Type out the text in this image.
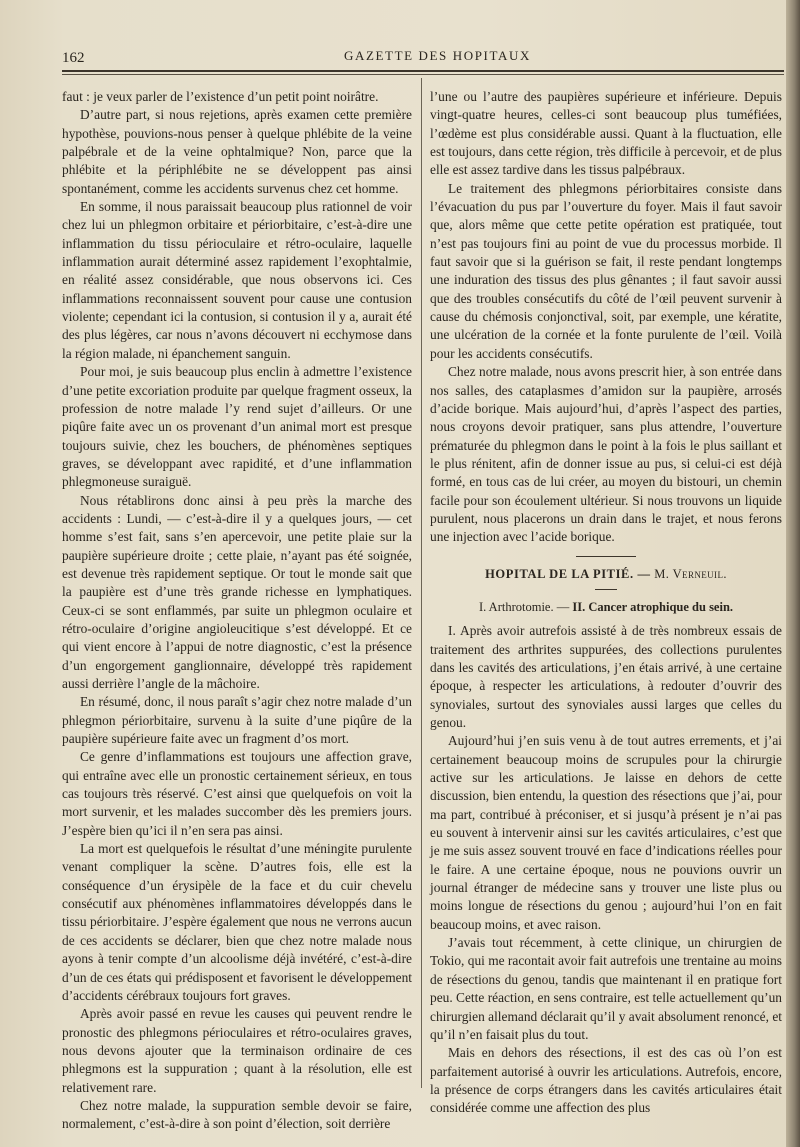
162	GAZETTE DES HOPITAUX

faut : je veux parler de l’existence d’un petit point noirâtre.

D’autre part, si nous rejetions, après examen cette première hypothèse, pouvions-nous penser à quelque phlébite de la veine palpébrale et de la veine ophtalmique? Non, parce que la phlébite et la périphlébite ne se développent pas ainsi spontanément, comme les accidents survenus chez cet homme.

En somme, il nous paraissait beaucoup plus rationnel de voir chez lui un phlegmon orbitaire et périorbitaire, c’est-à-dire une inflammation du tissu périoculaire et rétro-oculaire, laquelle inflammation aurait déterminé assez rapidement l’exophtalmie, en réalité assez considérable, que nous observons ici. Ces inflammations reconnaissent souvent pour cause une contusion violente; cependant ici la contusion, si contusion il y a, aurait été des plus légères, car nous n’avons découvert ni ecchymose dans la région malade, ni épanchement sanguin.

Pour moi, je suis beaucoup plus enclin à admettre l’existence d’une petite excoriation produite par quelque fragment osseux, la profession de notre malade l’y rend sujet d’ailleurs. Or une piqûre faite avec un os provenant d’un animal mort est presque toujours suivie, chez les bouchers, de phénomènes septiques graves, se développant avec rapidité, et d’une inflammation phlegmoneuse suraiguë.

Nous rétablirons donc ainsi à peu près la marche des accidents : Lundi, — c’est-à-dire il y a quelques jours, — cet homme s’est fait, sans s’en apercevoir, une petite plaie sur la paupière supérieure droite ; cette plaie, n’ayant pas été soignée, est devenue très rapidement septique. Or tout le monde sait que la paupière est d’une très grande richesse en lymphatiques. Ceux-ci se sont enflammés, par suite un phlegmon oculaire et rétro-oculaire d’origine angioleucitique s’est développé. Et ce qui vient encore à l’appui de notre diagnostic, c’est la présence d’un engorgement ganglionnaire, développé très rapidement aussi derrière l’angle de la mâchoire.

En résumé, donc, il nous paraît s’agir chez notre malade d’un phlegmon périorbitaire, survenu à la suite d’une piqûre de la paupière supérieure faite avec un fragment d’os mort.

Ce genre d’inflammations est toujours une affection grave, qui entraîne avec elle un pronostic certainement sérieux, en tous cas toujours très réservé. C’est ainsi que quelquefois on voit la mort survenir, et les malades succomber dès les premiers jours. J’espère bien qu’ici il n’en sera pas ainsi.

La mort est quelquefois le résultat d’une méningite purulente venant compliquer la scène. D’autres fois, elle est la conséquence d’un érysipèle de la face et du cuir chevelu consécutif aux phénomènes inflammatoires développés dans le tissu périorbitaire. J’espère également que nous ne verrons aucun de ces accidents se déclarer, bien que chez notre malade nous ayons à tenir compte d’un alcoolisme déjà invétéré, c’est-à-dire d’un de ces états qui prédisposent et favorisent le développement d’accidents cérébraux toujours fort graves.

Après avoir passé en revue les causes qui peuvent rendre le pronostic des phlegmons périoculaires et rétro-oculaires graves, nous devons ajouter que la terminaison ordinaire de ces phlegmons est la suppuration ; quant à la résolution, elle est relativement rare.

Chez notre malade, la suppuration semble devoir se faire, normalement, c’est-à-dire à son point d’élection, soit derrière

l’une ou l’autre des paupières supérieure et inférieure. Depuis vingt-quatre heures, celles-ci sont beaucoup plus tuméfiées, l’œdème est plus considérable aussi. Quant à la fluctuation, elle est toujours, dans cette région, très difficile à percevoir, et de plus elle est assez tardive dans les tissus palpébraux.

Le traitement des phlegmons périorbitaires consiste dans l’évacuation du pus par l’ouverture du foyer. Mais il faut savoir que, alors même que cette petite opération est pratiquée, tout n’est pas toujours fini au point de vue du processus morbide. Il faut savoir que si la guérison se fait, il reste pendant longtemps une induration des tissus des plus gênantes ; il faut savoir aussi que des troubles consécutifs du côté de l’œil peuvent survenir à cause du chémosis conjonctival, soit, par exemple, une kératite, une ulcération de la cornée et la fonte purulente de l’œil. Voilà pour les accidents consécutifs.

Chez notre malade, nous avons prescrit hier, à son entrée dans nos salles, des cataplasmes d’amidon sur la paupière, arrosés d’acide borique. Mais aujourd’hui, d’après l’aspect des parties, nous croyons devoir pratiquer, sans plus attendre, l’ouverture prématurée du phlegmon dans le point à la fois le plus saillant et le plus rénitent, afin de donner issue au pus, si celui-ci est déjà formé, en tous cas de lui créer, au moyen du bistouri, un chemin facile pour son écoulement ultérieur. Si nous trouvons un liquide purulent, nous placerons un drain dans le trajet, et nous ferons une injection avec l’acide borique.

HOPITAL DE LA PITIÉ. — M. Verneuil.
I. Arthrotomie. — II. Cancer atrophique du sein.

I. Après avoir autrefois assisté à de très nombreux essais de traitement des arthrites suppurées, des collections purulentes dans les cavités des articulations, j’en étais arrivé, à une certaine époque, à respecter les articulations, à redouter d’ouvrir des synoviales, surtout des synoviales aussi larges que celles du genou.

Aujourd’hui j’en suis venu à de tout autres errements, et j’ai certainement beaucoup moins de scrupules pour la chirurgie active sur les articulations. Je laisse en dehors de cette discussion, bien entendu, la question des résections que j’ai, pour ma part, contribué à préconiser, et si jusqu’à présent je n’ai pas eu souvent à intervenir ainsi sur les cavités articulaires, c’est que je me suis assez souvent trouvé en face d’indications réelles pour le faire. A une certaine époque, nous ne pouvions ouvrir un journal étranger de médecine sans y trouver une liste plus ou moins longue de résections du genou ; aujourd’hui l’on en fait beaucoup moins, et avec raison.

J’avais tout récemment, à cette clinique, un chirurgien de Tokio, qui me racontait avoir fait autrefois une trentaine au moins de résections du genou, tandis que maintenant il en pratique fort peu. Cette réaction, en sens contraire, est telle actuellement qu’un chirurgien allemand déclarait qu’il y avait absolument renoncé, et qu’il n’en faisait plus du tout.

Mais en dehors des résections, il est des cas où l’on est parfaitement autorisé à ouvrir les articulations. Autrefois, encore, la présence de corps étrangers dans les cavités articulaires était considérée comme une affection des plus
